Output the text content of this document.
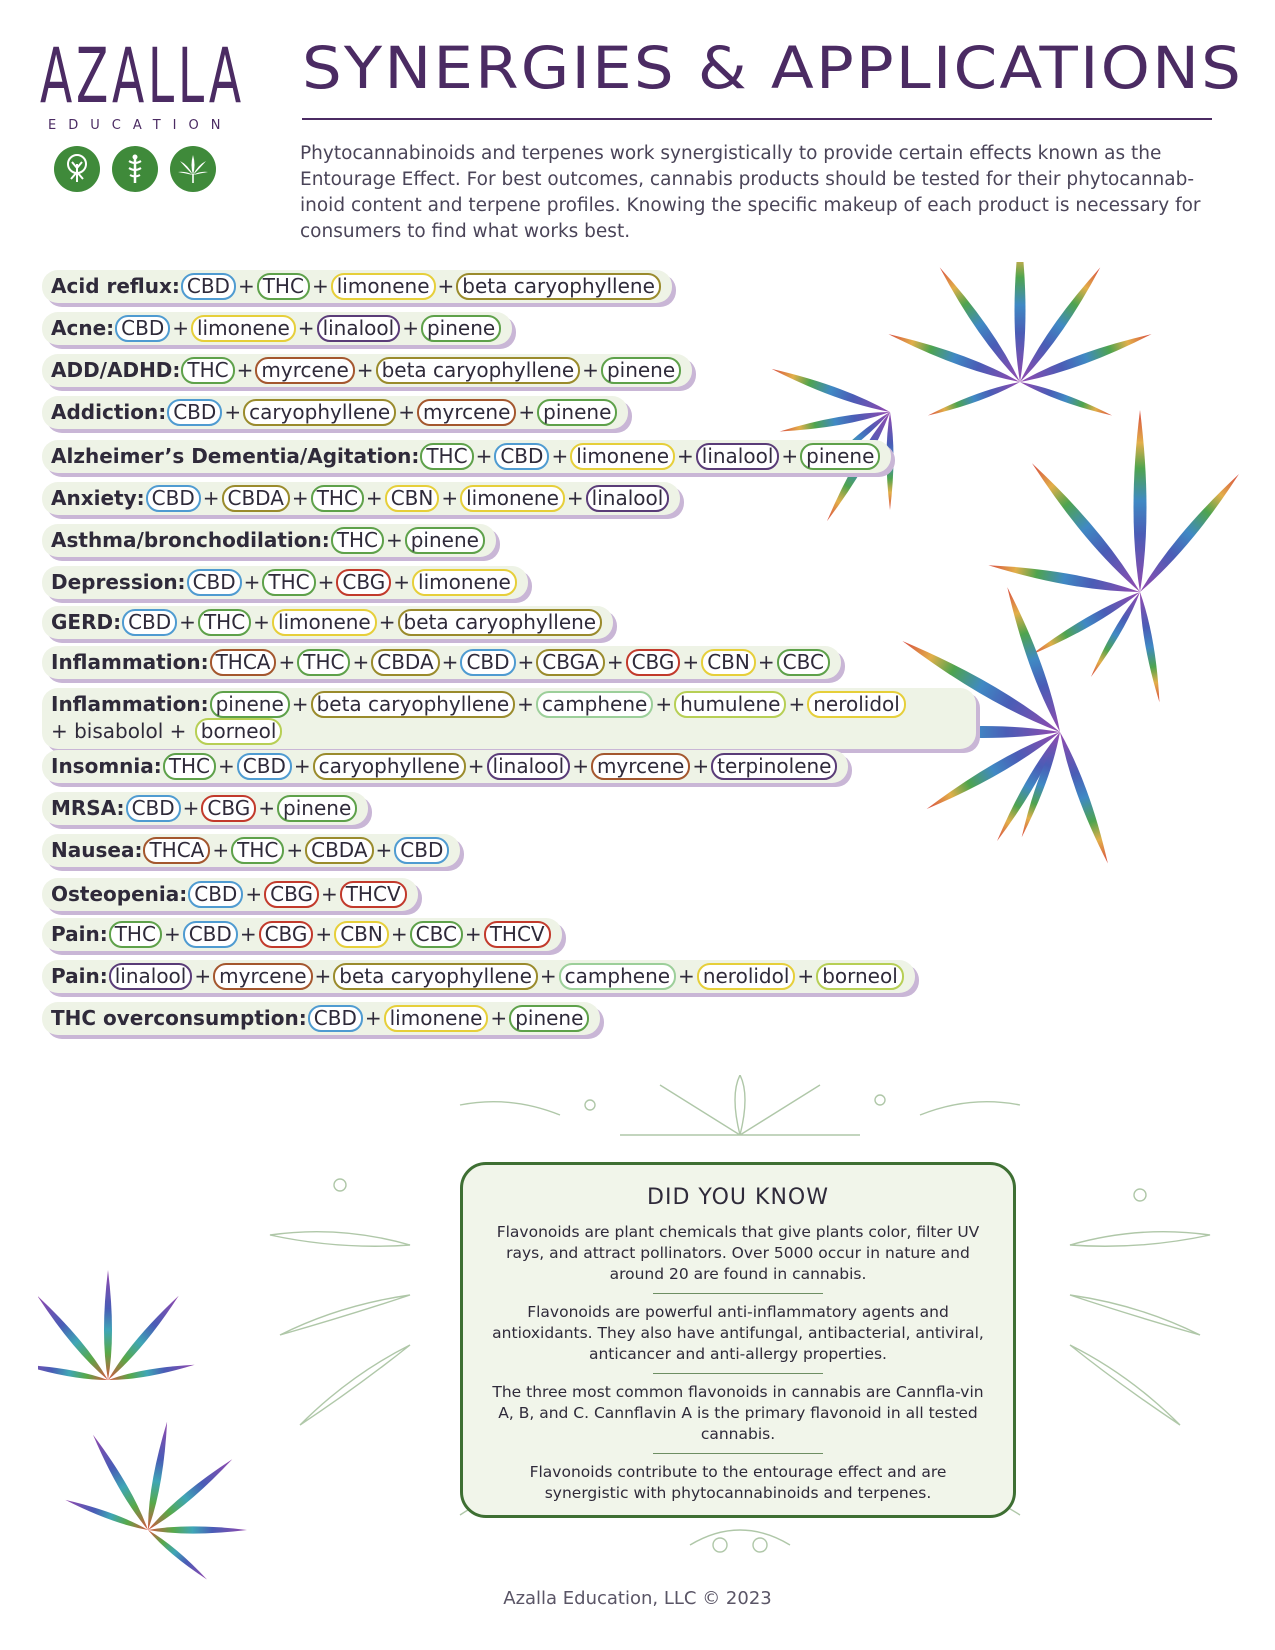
AZALLA
EDUCATION
SYNERGIES & APPLICATIONS
Phytocannabinoids and terpenes work synergistically to provide certain effects known as the Entourage Effect. For best outcomes, cannabis products should be tested for their phytocannab-inoid content and terpene profiles. Knowing the specific makeup of each product is necessary for consumers to find what works best.
Acid reflux: CBD + THC + limonene + beta caryophyllene
Acne: CBD + limonene + linalool + pinene
ADD/ADHD: THC + myrcene + beta caryophyllene + pinene
Addiction: CBD + caryophyllene + myrcene + pinene
Alzheimer’s Dementia/Agitation: THC + CBD + limonene + linalool + pinene
Anxiety: CBD + CBDA + THC + CBN + limonene + linalool
Asthma/bronchodilation: THC + pinene
Depression: CBD + THC + CBG + limonene
GERD: CBD + THC + limonene + beta caryophyllene
Inflammation: THCA + THC + CBDA + CBD + CBGA + CBG + CBN + CBC
Inflammation: pinene + beta caryophyllene + camphene + humulene + nerolidol
+ bisabolol + borneol
Insomnia: THC + CBD + caryophyllene + linalool + myrcene + terpinolene
MRSA: CBD + CBG + pinene
Nausea: THCA + THC + CBDA + CBD
Osteopenia: CBD + CBG + THCV
Pain: THC + CBD + CBG + CBN + CBC + THCV
Pain: linalool + myrcene + beta caryophyllene + camphene + nerolidol + borneol
THC overconsumption: CBD + limonene + pinene
DID YOU KNOW

Flavonoids are plant chemicals that give plants color, filter UV rays, and attract pollinators. Over 5000 occur in nature and around 20 are found in cannabis.

Flavonoids are powerful anti-inflammatory agents and antioxidants. They also have antifungal, antibacterial, antiviral, anticancer and anti-allergy properties.

The three most common flavonoids in cannabis are Cannfla-vin A, B, and C. Cannflavin A is the primary flavonoid in all tested cannabis.

Flavonoids contribute to the entourage effect and are synergistic with phytocannabinoids and terpenes.

Azalla Education, LLC © 2023
